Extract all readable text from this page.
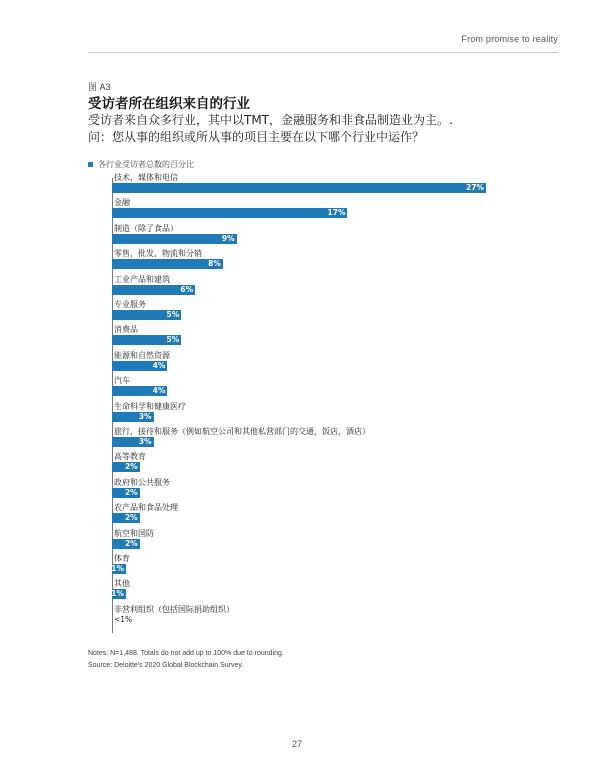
From promise to reality
图 A3
受访者所在组织来自的行业
受访者来自众多行业，其中以TMT，金融服务和非食品制造业为主。.
问：您从事的组织或所从事的项目主要在以下哪个行业中运作？
各行业受访者总数的百分比
技术，媒体和电信
27%
金融
17%
制造（除了食品）
9%
零售，批发，物流和分销
8%
工业产品和建筑
6%
专业服务
5%
消费品
5%
能源和自然资源
4%
汽车
4%
生命科学和健康医疗
3%
旅行，接待和服务（例如航空公司和其他私营部门的交通，饭店，酒店）
3%
高等教育
2%
政府和公共服务
2%
农产品和食品处理
2%
航空和国防
2%
体育
1%
其他
1%
非营利组织（包括国际捐助组织）
<1%
Notes: N=1,488. Totals do not add up to 100% due to rounding.
Source: Deloitte's 2020 Global Blockchain Survey.
27
